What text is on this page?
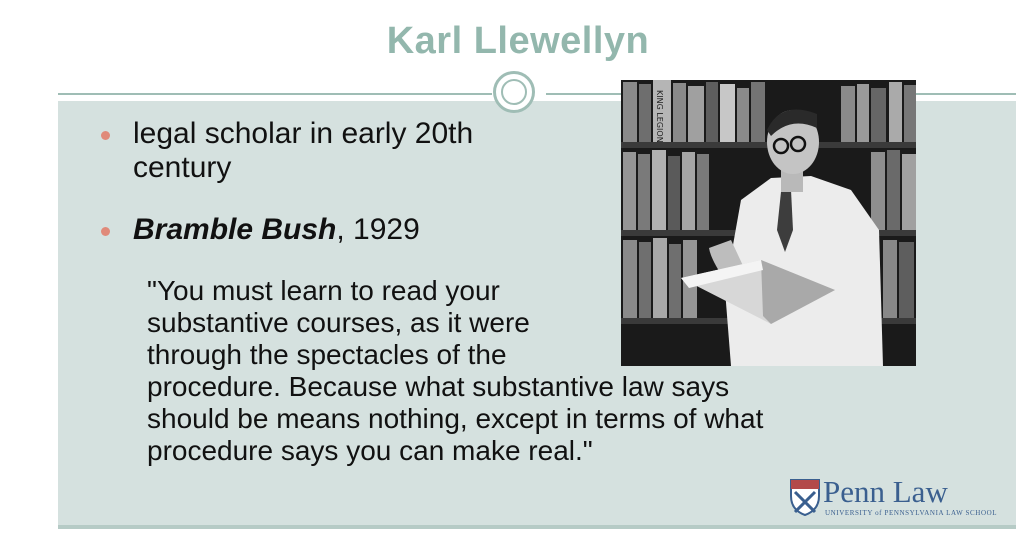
Karl Llewellyn
legal scholar in early 20th
century
Bramble Bush, 1929
"You must learn to read your
substantive courses, as it were
through the spectacles of the
procedure. Because what substantive law says
should be means nothing, except in terms of what
procedure says you can make real."
KING LEGION
Penn Law
UNIVERSITY of PENNSYLVANIA LAW SCHOOL
